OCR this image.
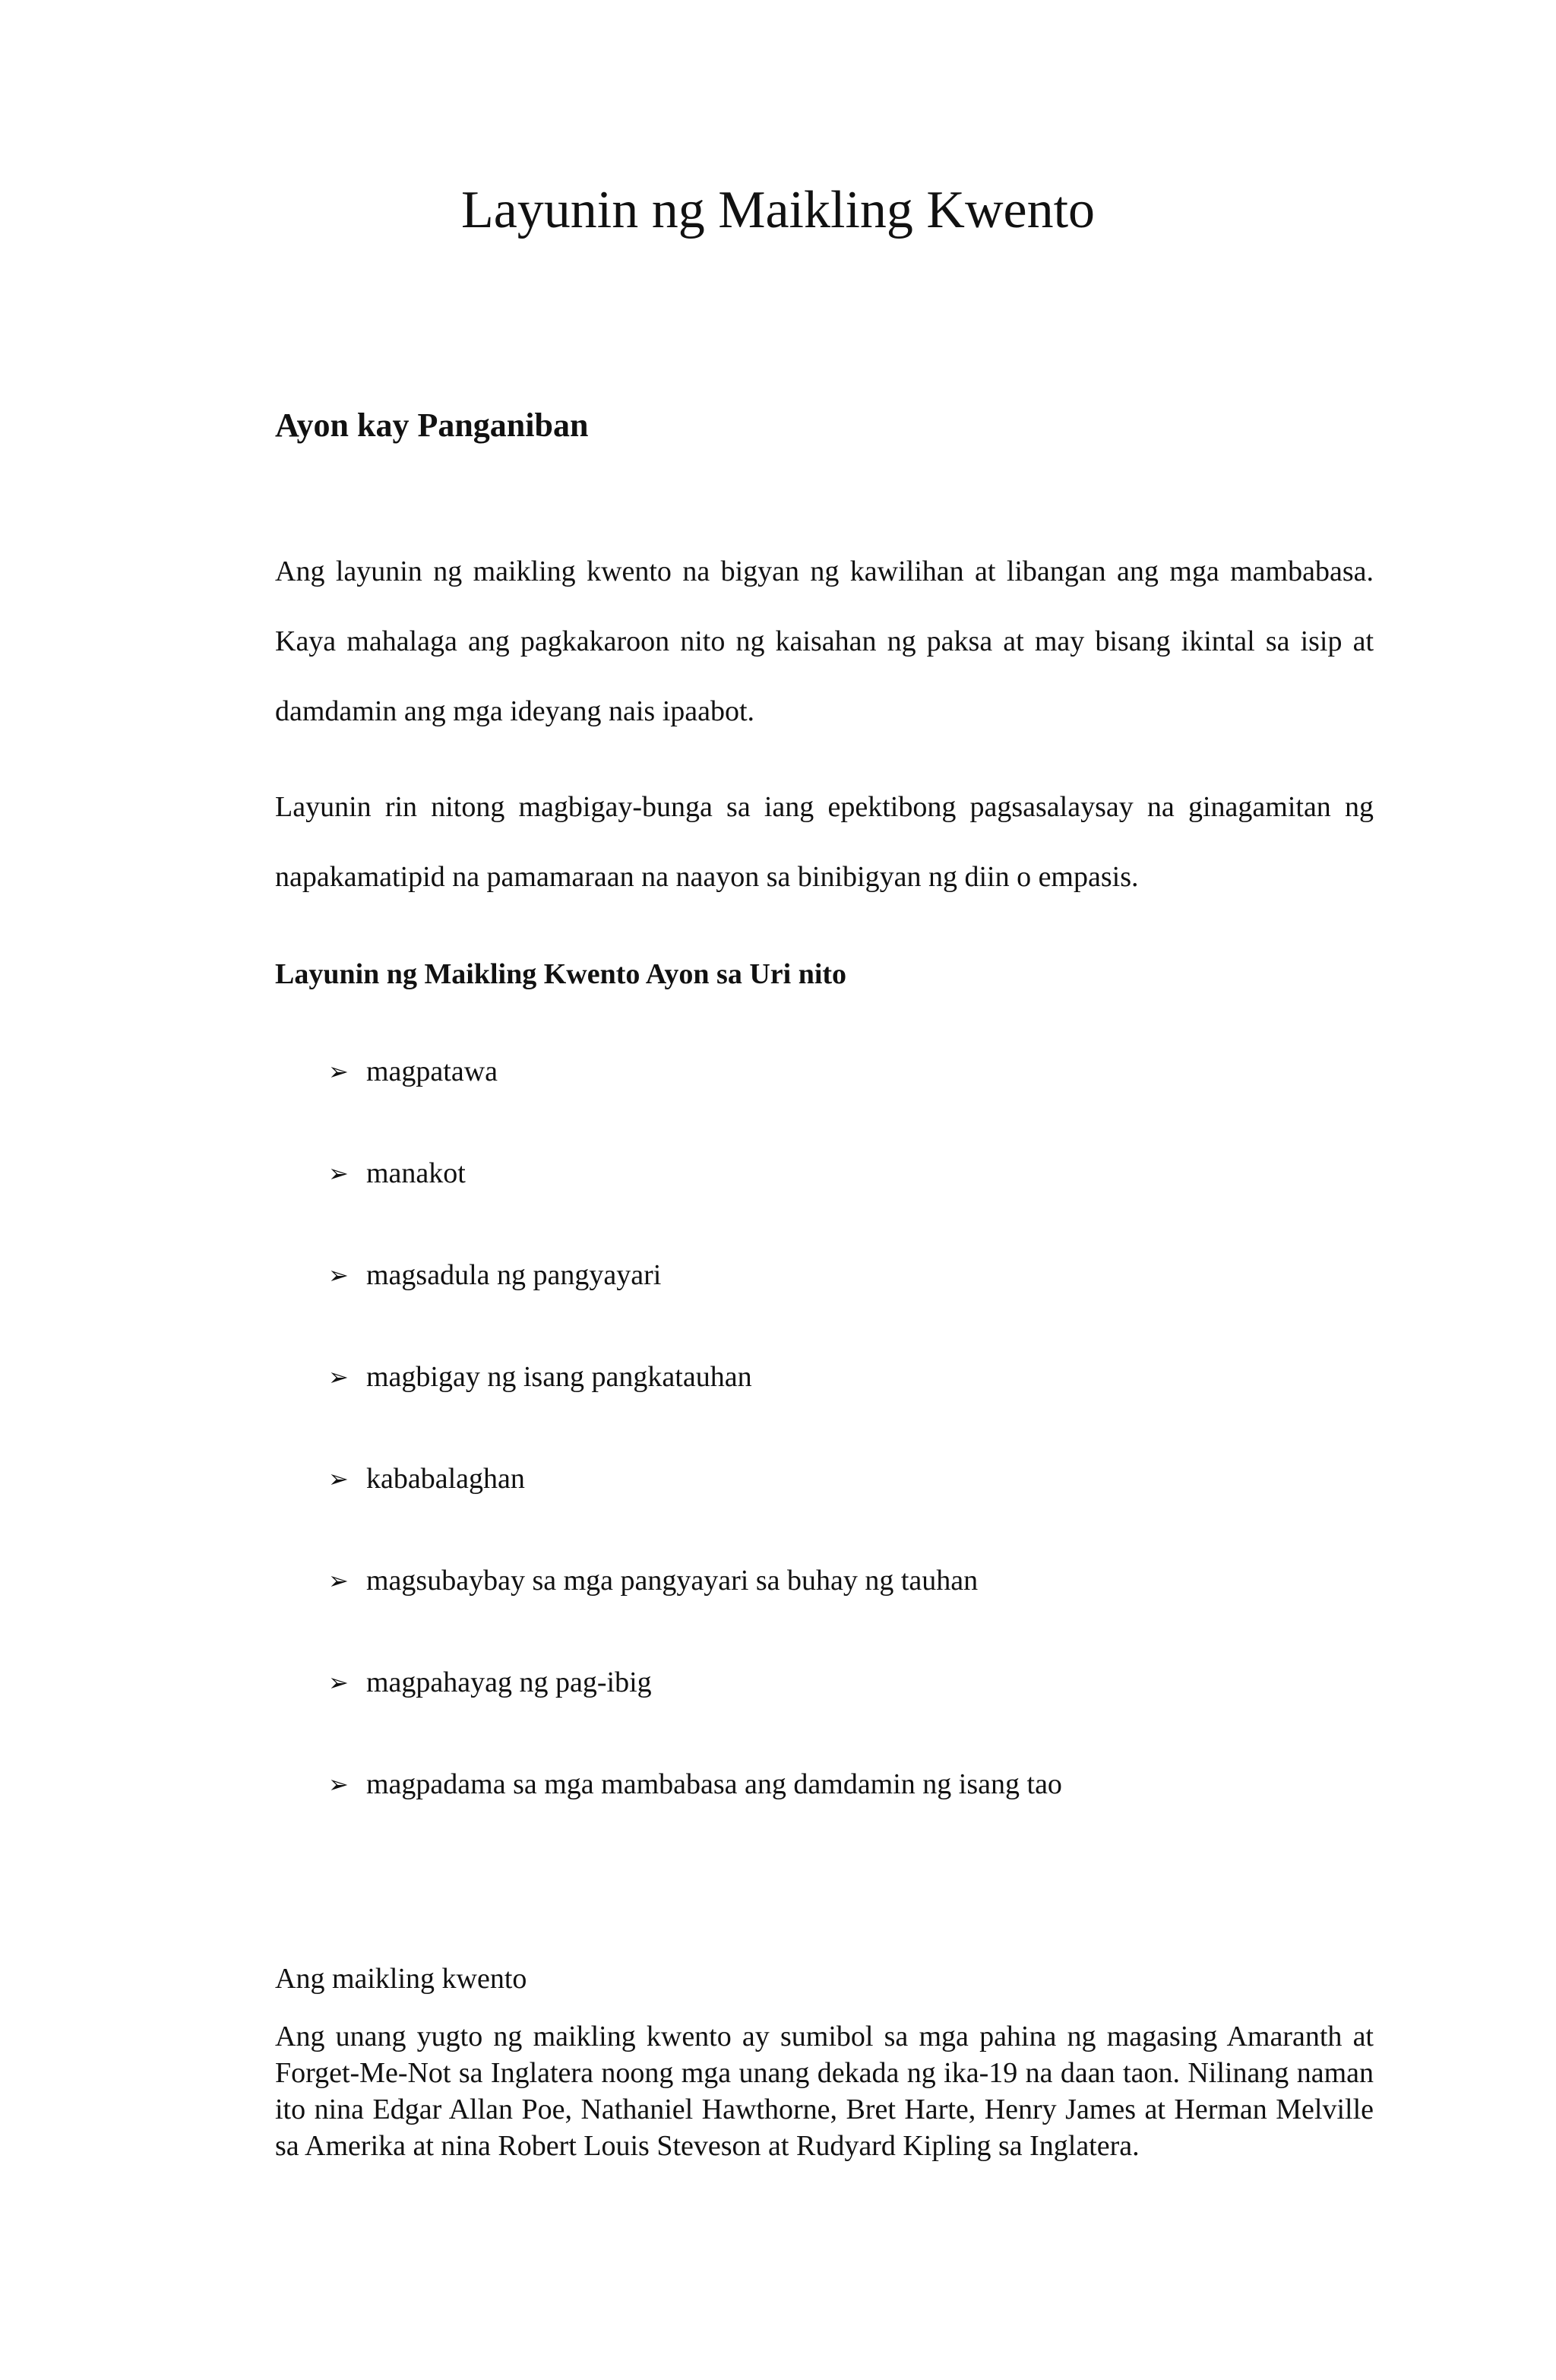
Layunin ng Maikling Kwento
Ayon kay Panganiban

Ang layunin ng maikling kwento na bigyan ng kawilihan at libangan ang mga mambabasa. Kaya mahalaga ang pagkakaroon nito ng kaisahan ng paksa at may bisang ikintal sa isip at damdamin ang mga ideyang nais ipaabot.

Layunin rin nitong magbigay-bunga sa iang epektibong pagsasalaysay na ginagamitan ng napakamatipid na pamamaraan na naayon sa binibigyan ng diin o empasis.

Layunin ng Maikling Kwento Ayon sa Uri nito
➢ magpatawa
➢ manakot
➢ magsadula ng pangyayari
➢ magbigay ng isang pangkatauhan
➢ kababalaghan
➢ magsubaybay sa mga pangyayari sa buhay ng tauhan
➢ magpahayag ng pag-ibig
➢ magpadama sa mga mambabasa ang damdamin ng isang tao
Ang maikling kwento

Ang unang yugto ng maikling kwento ay sumibol sa mga pahina ng magasing Amaranth at Forget-Me-Not sa Inglatera noong mga unang dekada ng ika-19 na daan taon. Nilinang naman ito nina Edgar Allan Poe, Nathaniel Hawthorne, Bret Harte, Henry James at Herman Melville sa Amerika at nina Robert Louis Steveson at Rudyard Kipling sa Inglatera.
